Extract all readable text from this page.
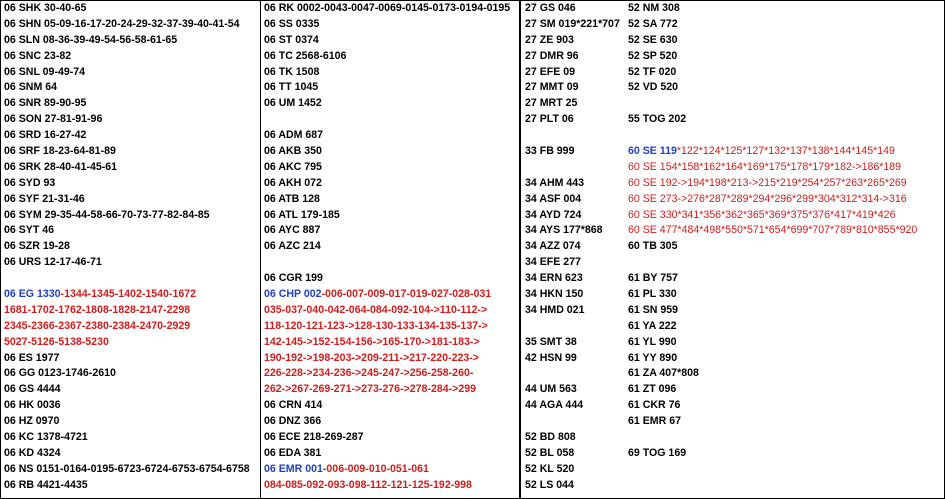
06 SHK 30-40-65
06 SHN 05-09-16-17-20-24-29-32-37-39-40-41-54
06 SLN 08-36-39-49-54-56-58-61-65
06 SNC 23-82
06 SNL 09-49-74
06 SNM 64
06 SNR 89-90-95
06 SON 27-81-91-96
06 SRD 16-27-42
06 SRF 18-23-64-81-89
06 SRK 28-40-41-45-61
06 SYD 93
06 SYF 21-31-46
06 SYM 29-35-44-58-66-70-73-77-82-84-85
06 SYT 46
06 SZR 19-28
06 URS 12-17-46-71
06 EG 1330-1344-1345-1402-1540-1672
1681-1702-1762-1808-1828-2147-2298
2345-2366-2367-2380-2384-2470-2929
5027-5126-5138-5230
06 ES 1977
06 GG 0123-1746-2610
06 GS 4444
06 HK 0036
06 HZ 0970
06 KC 1378-4721
06 KD 4324
06 NS 0151-0164-0195-6723-6724-6753-6754-6758
06 RB 4421-4435
06 RK 0002-0043-0047-0069-0145-0173-0194-0195
06 SS 0335
06 ST 0374
06 TC 2568-6106
06 TK 1508
06 TT 1045
06 UM 1452
06 ADM 687
06 AKB 350
06 AKC 795
06 AKH 072
06 ATB 128
06 ATL 179-185
06 AYC 887
06 AZC 214
06 CGR 199
06 CHP 002-006-007-009-017-019-027-028-031
035-037-040-042-064-084-092-104->110-112->
118-120-121-123->128-130-133-134-135-137->
142-145->152-154-156->165-170->181-183->
190-192->198-203->209-211->217-220-223->
226-228->234-236->245-247->256-258-260-
262->267-269-271->273-276->278-284->299
06 CRN 414
06 DNZ 366
06 ECE 218-269-287
06 EDA 381
06 EMR 001-006-009-010-051-061
084-085-092-093-098-112-121-125-192-998
27 GS 046
27 SM 019*221*707
27 ZE 903
27 DMR 96
27 EFE 09
27 MMT 09
27 MRT 25
27 PLT 06
33 FB 999
34 AHM 443
34 ASF 004
34 AYD 724
34 AYS 177*868
34 AZZ 074
34 EFE 277
34 ERN 623
34 HKN 150
34 HMD 021
35 SMT 38
42 HSN 99
44 UM 563
44 AGA 444
52 BD 808
52 BL 058
52 KL 520
52 LS 044
52 NM 308
52 SA 772
52 SE 630
52 SP 520
52 TF 020
52 VD 520
55 TOG 202
60 SE 119*122*124*125*127*132*137*138*144*145*149
60 SE 154*158*162*164*169*175*178*179*182->186*189
60 SE 192->194*198*213->215*219*254*257*263*265*269
60 SE 273->276*287*289*294*296*299*304*312*314->316
60 SE 330*341*356*362*365*369*375*376*417*419*426
60 SE 477*484*498*550*571*654*699*707*789*810*855*920
60 TB 305
61 BY 757
61 PL 330
61 SN 959
61 YA 222
61 YL 990
61 YY 890
61 ZA 407*808
61 ZT 096
61 CKR 76
61 EMR 67
69 TOG 169
